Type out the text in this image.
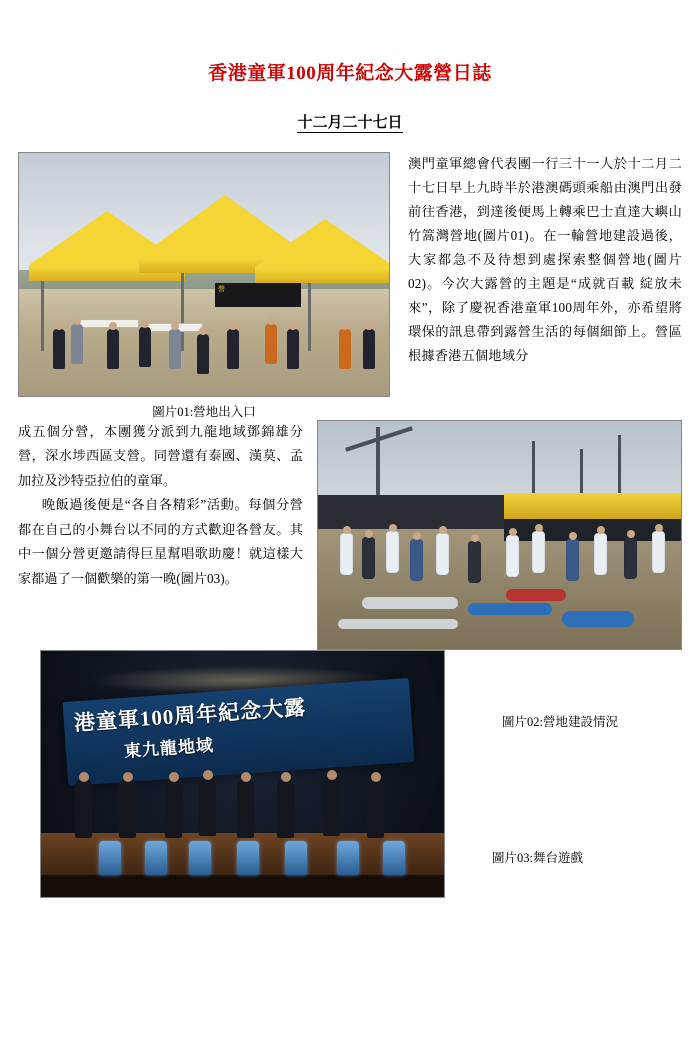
香港童軍100周年紀念大露營日誌
十二月二十七日
營
澳門童軍總會代表團一行三十一人於十二月二十七日早上九時半於港澳碼頭乘船由澳門出發前往香港，到達後便馬上轉乘巴士直達大嶼山竹篙灣營地(圖片01)。在一輪營地建設過後，大家都急不及待想到處探索整個營地(圖片02)。今次大露營的主題是“成就百載 綻放未來”，除了慶祝香港童軍100周年外，亦希望將環保的訊息帶到露營生活的每個細節上。營區根據香港五個地域分
圖片01:營地出入口
成五個分營，本團獲分派到九龍地域鄧錦雄分營，深水埗西區支營。同營還有泰國、漢莫、孟加拉及沙特亞拉伯的童軍。
晚飯過後便是“各自各精彩”活動。每個分營都在自己的小舞台以不同的方式歡迎各營友。其中一個分營更邀請得巨星幫唱歌助慶！就這樣大家都過了一個歡樂的第一晚(圖片03)。
圖片02:營地建設情況
港童軍100周年紀念大露
東九龍地域
圖片03:舞台遊戲
